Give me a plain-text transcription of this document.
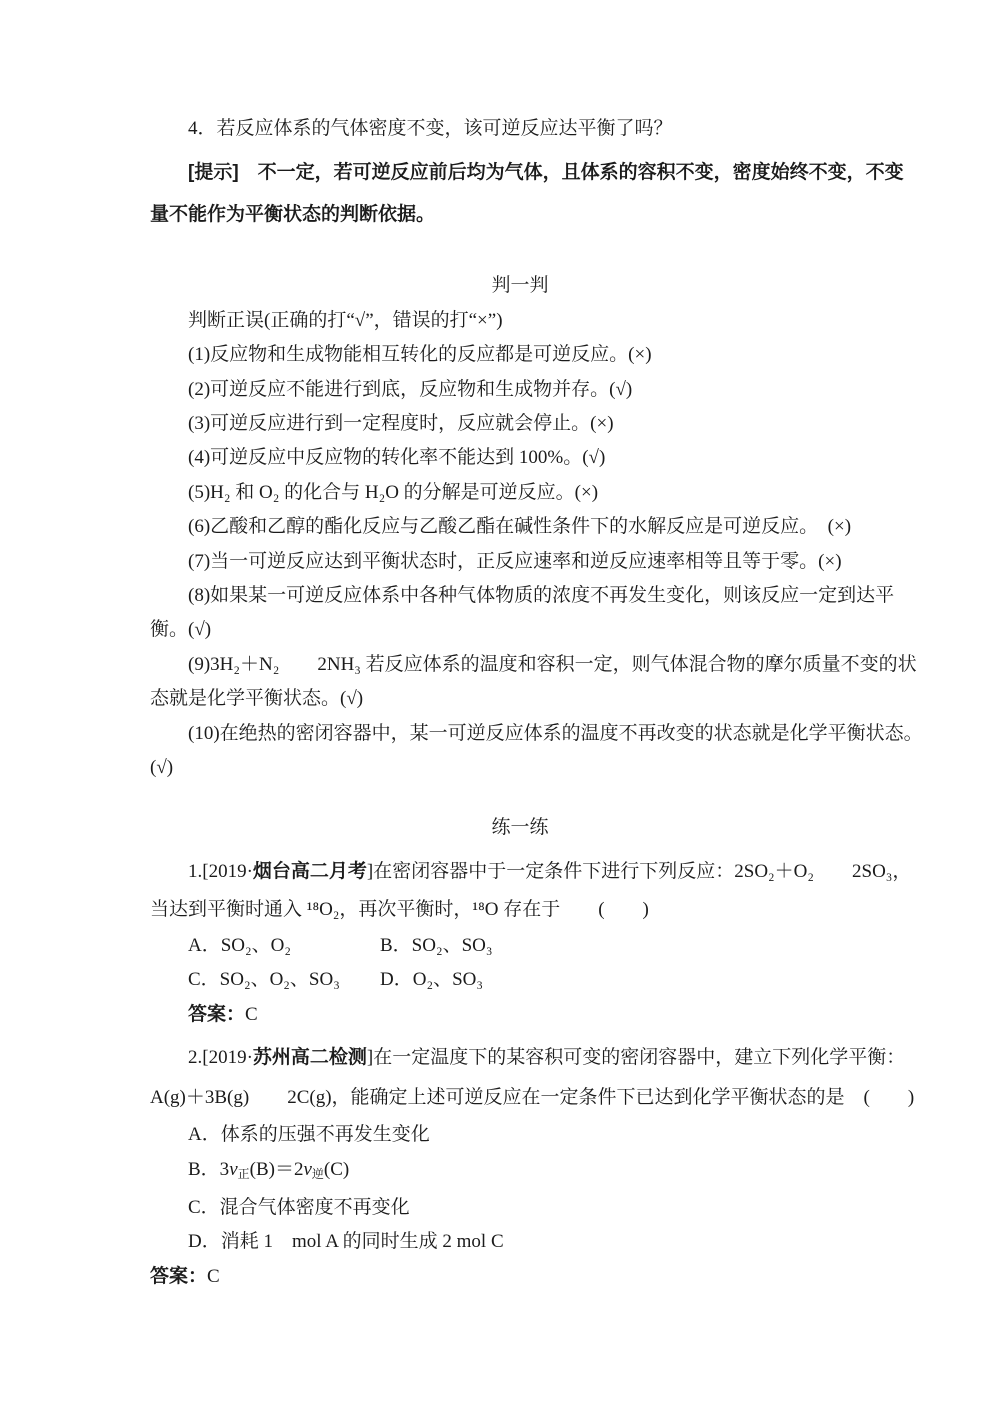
4．若反应体系的气体密度不变，该可逆反应达平衡了吗？

[提示]　不一定，若可逆反应前后均为气体，且体系的容积不变，密度始终不变，不变

量不能作为平衡状态的判断依据。

判一判

判断正误(正确的打“√”，错误的打“×”)

(1)反应物和生成物能相互转化的反应都是可逆反应。(×)

(2)可逆反应不能进行到底，反应物和生成物并存。(√)

(3)可逆反应进行到一定程度时，反应就会停止。(×)

(4)可逆反应中反应物的转化率不能达到 100%。(√)

(5)H₂ 和 O₂ 的化合与 H₂O 的分解是可逆反应。(×)

(6)乙酸和乙醇的酯化反应与乙酸乙酯在碱性条件下的水解反应是可逆反应。　(×)

(7)当一可逆反应达到平衡状态时，正反应速率和逆反应速率相等且等于零。(×)

(8)如果某一可逆反应体系中各种气体物质的浓度不再发生变化，则该反应一定到达平

衡。(√)

(9)3H₂＋N₂　　2NH₃ 若反应体系的温度和容积一定，则气体混合物的摩尔质量不变的状

态就是化学平衡状态。(√)

(10)在绝热的密闭容器中，某一可逆反应体系的温度不再改变的状态就是化学平衡状态。

(√)

练一练

1.[2019·烟台高二月考]在密闭容器中于一定条件下进行下列反应：2SO₂＋O₂　　2SO₃，

当达到平衡时通入 ¹⁸O₂，再次平衡时，¹⁸O 存在于　　(　　)

A．SO₂、O₂	B．SO₂、SO₃

C．SO₂、O₂、SO₃ D．O₂、SO₃

答案：C

2.[2019·苏州高二检测]在一定温度下的某容积可变的密闭容器中，建立下列化学平衡：

A(g)＋3B(g)　　2C(g)，能确定上述可逆反应在一定条件下已达到化学平衡状态的是　(　　)

A．体系的压强不再发生变化

B．3v正(B)＝2v逆(C)

C．混合气体密度不再变化

D．消耗 1　mol A 的同时生成 2 mol C

答案：C
